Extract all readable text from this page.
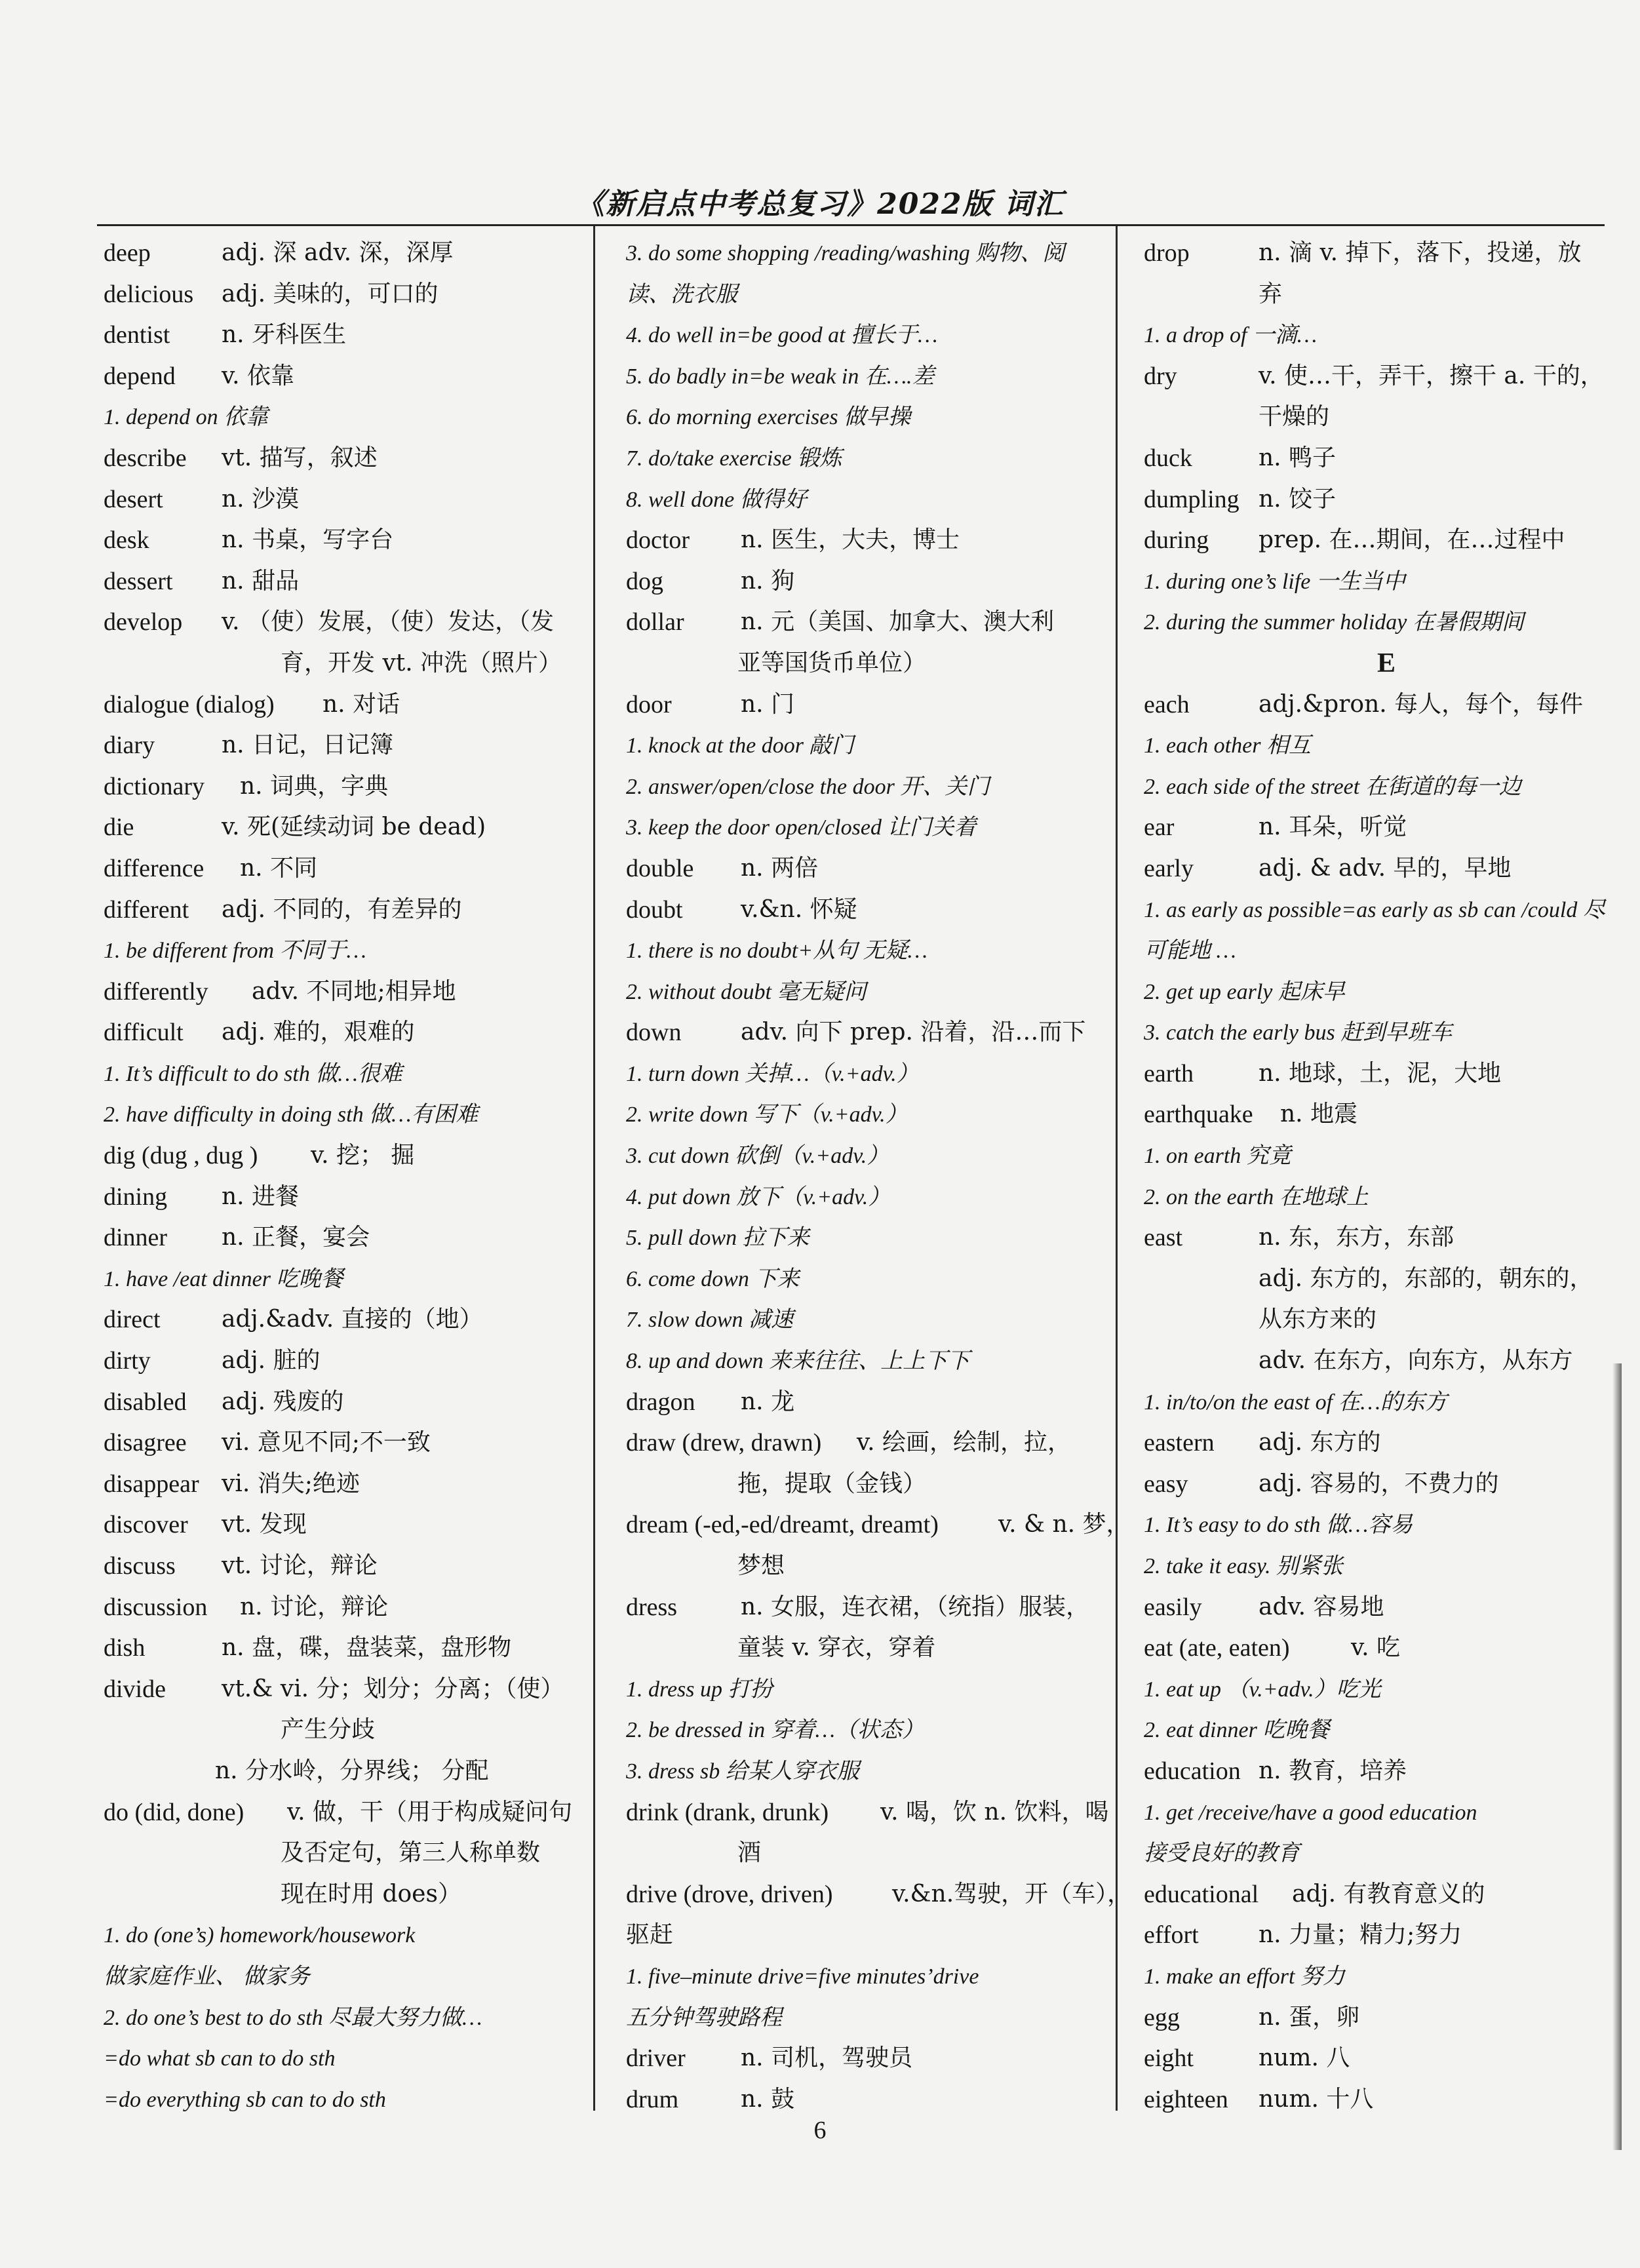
《新启点中考总复习》2022版 词汇
deep	adj. 深 adv. 深，深厚
delicious adj. 美味的，可口的
dentist n. 牙科医生
depend v. 依靠
1. depend on 依靠
describe vt. 描写，叙述
desert n. 沙漠
desk	n. 书桌，写字台
dessert n. 甜品
develop v. （使）发展，（使）发达，（发
育，开发 vt. 冲洗（照片）
dialogue (dialog) n. 对话
diary	n. 日记，日记簿
dictionary n. 词典，字典
die	v. 死(延续动词 be dead)
difference n. 不同
different adj. 不同的，有差异的
1. be different from 不同于…
differently adv. 不同地;相异地
difficult adj. 难的，艰难的
1. It’s difficult to do sth 做…很难
2. have difficulty in doing sth 做…有困难
dig (dug , dug ) v. 挖； 掘
dining n. 进餐
dinner n. 正餐，宴会
1. have /eat dinner 吃晚餐
direct	adj.&adv. 直接的（地）
dirty	adj. 脏的
disabled adj. 残废的
disagree vi. 意见不同;不一致
disappear vi. 消失;绝迹
discover vt. 发现
discuss vt. 讨论，辩论
discussion n. 讨论，辩论
dish	n. 盘，碟，盘装菜，盘形物
divide vt.& vi. 分；划分；分离；（使）
产生分歧
n. 分水岭，分界线； 分配
do (did, done) v. 做，干（用于构成疑问句
及否定句，第三人称单数
现在时用 does）
1. do (one’s) homework/housework
做家庭作业、 做家务
2. do one’s best to do sth 尽最大努力做…
=do what sb can to do sth
=do everything sb can to do sth
3. do some shopping /reading/washing 购物、阅
读、洗衣服
4. do well in=be good at 擅长于…
5. do badly in=be weak in 在….差
6. do morning exercises 做早操
7. do/take exercise 锻炼
8. well done 做得好
doctor n. 医生，大夫，博士
dog	n. 狗
dollar n. 元（美国、加拿大、澳大利
亚等国货币单位）
door	n. 门
1. knock at the door 敲门
2. answer/open/close the door 开、关门
3. keep the door open/closed 让门关着
double n. 两倍
doubt v.&n. 怀疑
1. there is no doubt+从句 无疑…
2. without doubt 毫无疑问
down	adv. 向下 prep. 沿着，沿…而下
1. turn down 关掉…（v.+adv.）
2. write down 写下（v.+adv.）
3. cut down 砍倒（v.+adv.）
4. put down 放下（v.+adv.）
5. pull down 拉下来
6. come down 下来
7. slow down 减速
8. up and down 来来往往、上上下下
dragon n. 龙
draw (drew, drawn) v. 绘画，绘制，拉，
拖，提取（金钱）
dream (-ed,-ed/dreamt, dreamt)	v. & n. 梦，
梦想
dress	n. 女服，连衣裙，（统指）服装，
童装 v. 穿衣，穿着
1. dress up 打扮
2. be dressed in 穿着…（状态）
3. dress sb 给某人穿衣服
drink (drank, drunk) v. 喝，饮 n. 饮料，喝
酒
drive (drove, driven)	v.&n.驾驶，开（车），
驱赶
1. five–minute drive=five minutes’drive
五分钟驾驶路程
driver n. 司机，驾驶员
drum	n. 鼓
drop	n. 滴 v. 掉下，落下，投递，放
弃
1. a drop of 一滴…
dry	v. 使…干，弄干，擦干 a. 干的，
干燥的
duck	n. 鸭子
dumpling n. 饺子
during prep. 在…期间，在…过程中
1. during one’s life 一生当中
2. during the summer holiday 在暑假期间
E
each	adj.&pron. 每人，每个，每件
1. each other 相互
2. each side of the street 在街道的每一边
ear	n. 耳朵，听觉
early	adj. & adv. 早的，早地
1. as early as possible=as early as sb can /could 尽
可能地 …
2. get up early 起床早
3. catch the early bus 赶到早班车
earth	n. 地球，土，泥，大地
earthquake n. 地震
1. on earth 究竟
2. on the earth 在地球上
east	n. 东，东方，东部
adj. 东方的，东部的，朝东的，
从东方来的
adv. 在东方，向东方，从东方
1. in/to/on the east of 在…的东方
eastern adj. 东方的
easy	adj. 容易的，不费力的
1. It’s easy to do sth 做…容易
2. take it easy. 别紧张
easily adv. 容易地
eat (ate, eaten)	v. 吃
1. eat up （v.+adv.）吃光
2. eat dinner 吃晚餐
education n. 教育，培养
1. get /receive/have a good education
接受良好的教育
educational adj. 有教育意义的
effort	n. 力量；精力;努力
1. make an effort 努力
egg	n. 蛋，卵
eight	num. 八
eighteen num. 十八
6
